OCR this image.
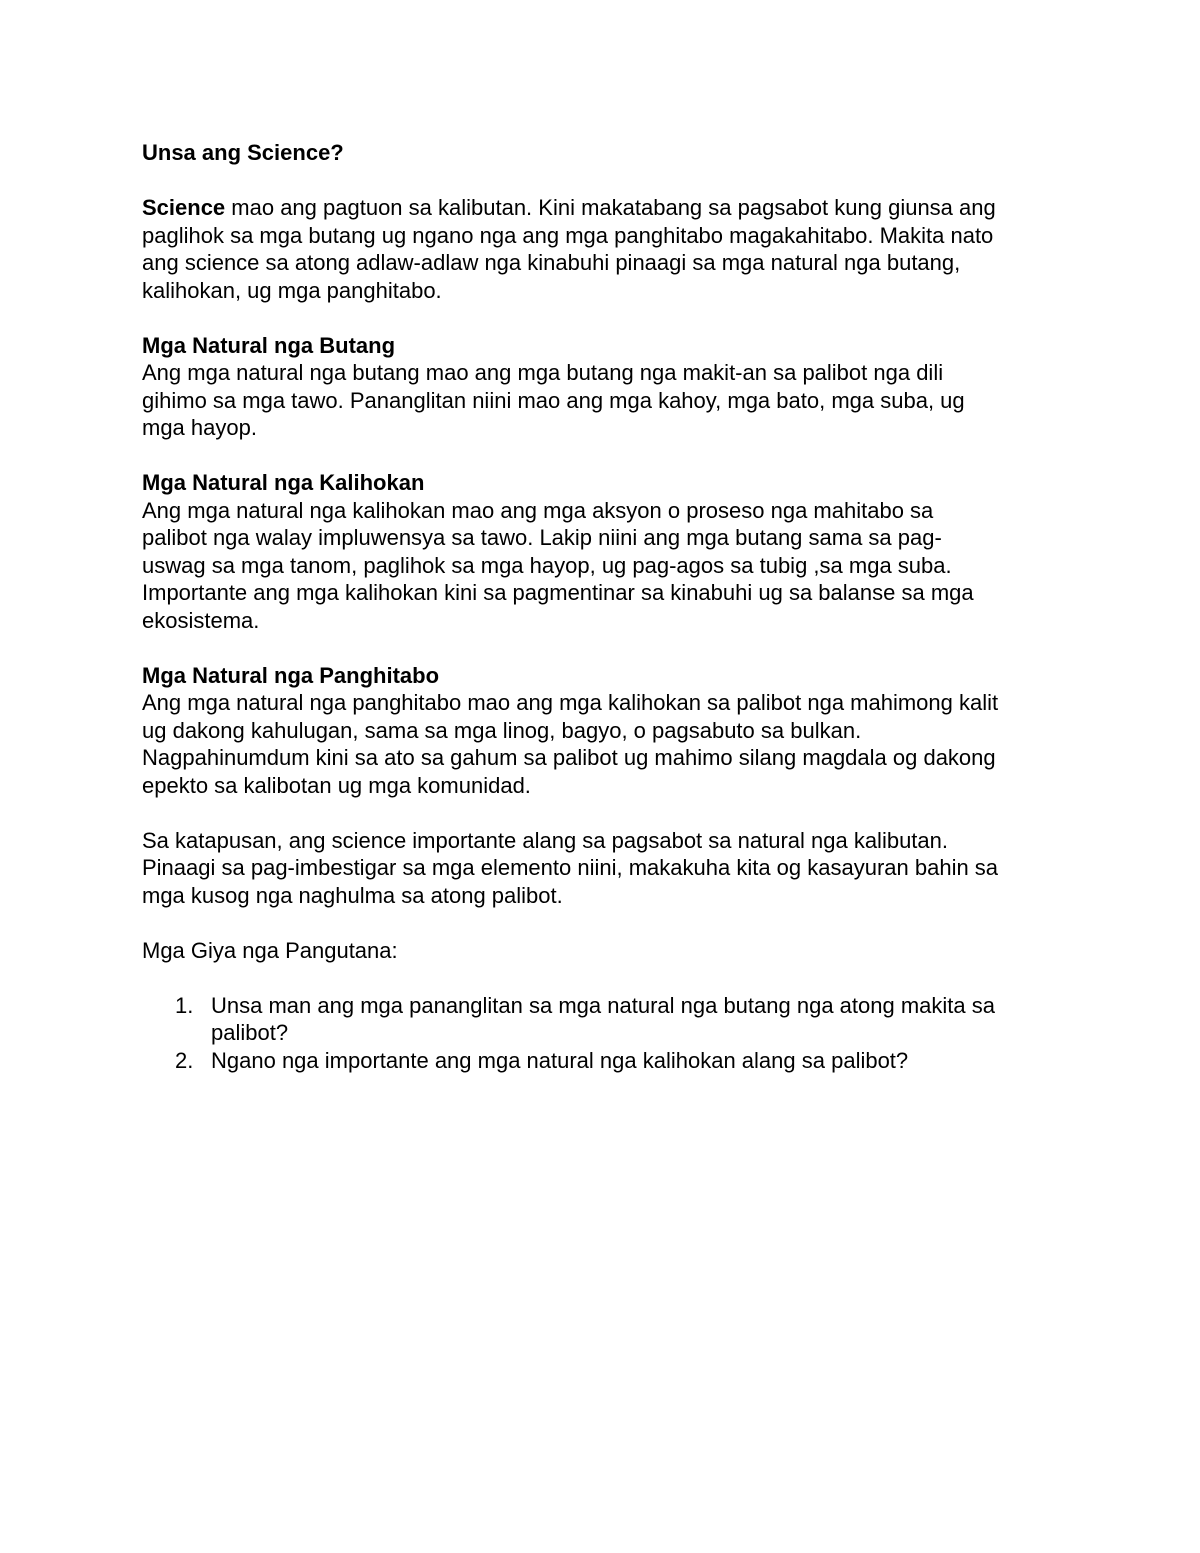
Unsa ang Science?

Science mao ang pagtuon sa kalibutan. Kini makatabang sa pagsabot kung giunsa ang
paglihok sa mga butang ug ngano nga ang mga panghitabo magakahitabo. Makita nato
ang science sa atong adlaw-adlaw nga kinabuhi pinaagi sa mga natural nga butang,
kalihokan, ug mga panghitabo.

Mga Natural nga Butang
Ang mga natural nga butang mao ang mga butang nga makit-an sa palibot nga dili
gihimo sa mga tawo. Pananglitan niini mao ang mga kahoy, mga bato, mga suba, ug
mga hayop.
Mga Natural nga Kalihokan
Ang mga natural nga kalihokan mao ang mga aksyon o proseso nga mahitabo sa
palibot nga walay impluwensya sa tawo. Lakip niini ang mga butang sama sa pag-
uswag sa mga tanom, paglihok sa mga hayop, ug pag-agos sa tubig ,sa mga suba.
Importante ang mga kalihokan kini sa pagmentinar sa kinabuhi ug sa balanse sa mga
ekosistema.
Mga Natural nga Panghitabo
Ang mga natural nga panghitabo mao ang mga kalihokan sa palibot nga mahimong kalit
ug dakong kahulugan, sama sa mga linog, bagyo, o pagsabuto sa bulkan.
Nagpahinumdum kini sa ato sa gahum sa palibot ug mahimo silang magdala og dakong
epekto sa kalibotan ug mga komunidad.
Sa katapusan, ang science importante alang sa pagsabot sa natural nga kalibutan.
Pinaagi sa pag-imbestigar sa mga elemento niini, makakuha kita og kasayuran bahin sa
mga kusog nga naghulma sa atong palibot.

Mga Giya nga Pangutana:

1. Unsa man ang mga pananglitan sa mga natural nga butang nga atong makita sa
palibot?
2. Ngano nga importante ang mga natural nga kalihokan alang sa palibot?
